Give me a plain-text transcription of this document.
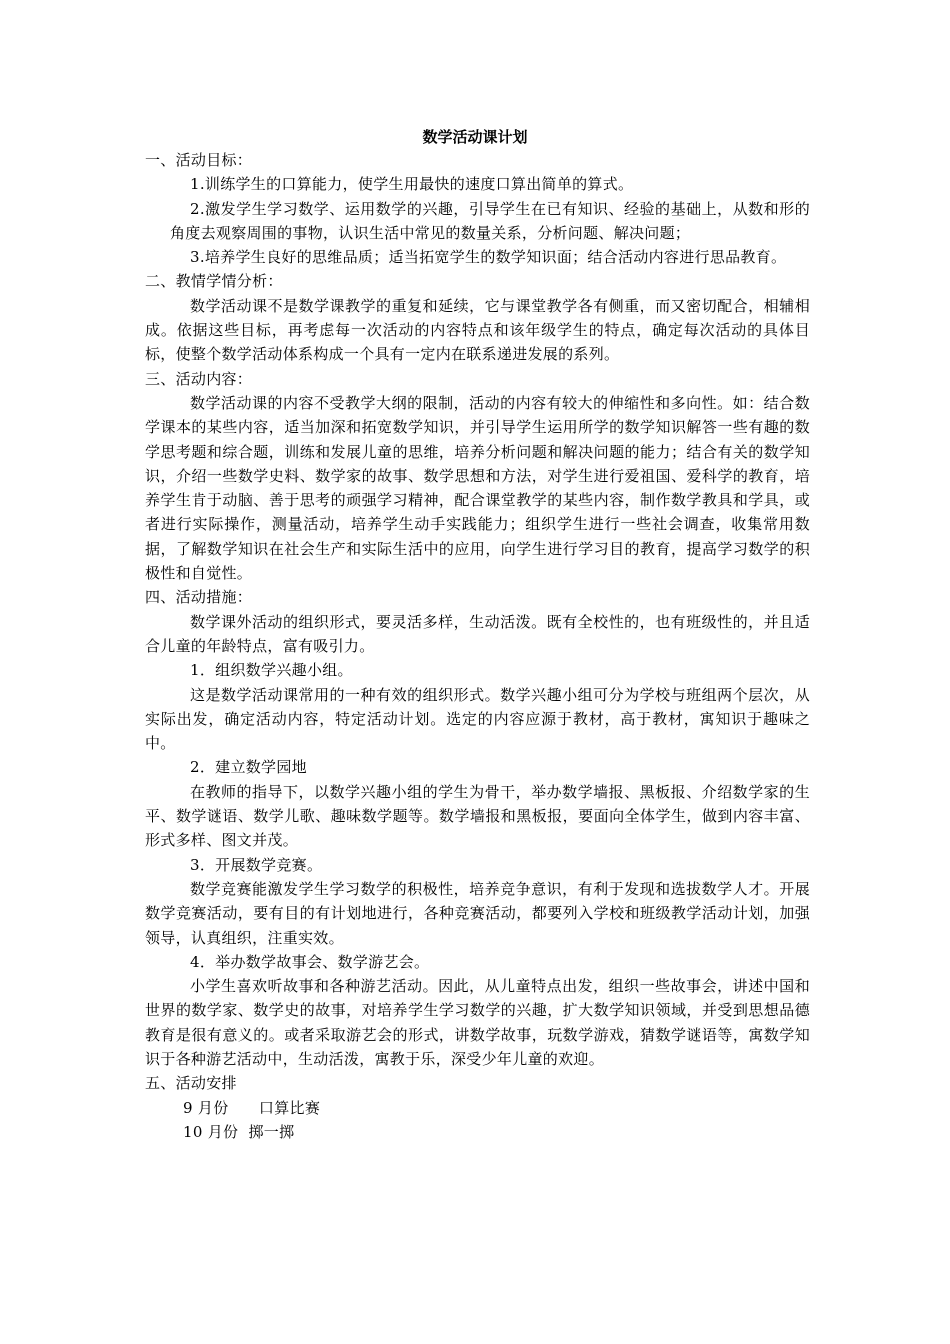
数学活动课计划

一、活动目标：

1.训练学生的口算能力，使学生用最快的速度口算出简单的算式。

2.激发学生学习数学、运用数学的兴趣，引导学生在已有知识、经验的基础上，从数和形的角度去观察周围的事物，认识生活中常见的数量关系，分析问题、解决问题；

3.培养学生良好的思维品质；适当拓宽学生的数学知识面；结合活动内容进行思品教育。

二、教情学情分析：

数学活动课不是数学课教学的重复和延续，它与课堂教学各有侧重，而又密切配合，相辅相成。依据这些目标，再考虑每一次活动的内容特点和该年级学生的特点，确定每次活动的具体目标，使整个数学活动体系构成一个具有一定内在联系递进发展的系列。

三、活动内容：

数学活动课的内容不受教学大纲的限制，活动的内容有较大的伸缩性和多向性。如：结合数学课本的某些内容，适当加深和拓宽数学知识，并引导学生运用所学的数学知识解答一些有趣的数学思考题和综合题，训练和发展儿童的思维，培养分析问题和解决问题的能力；结合有关的数学知识，介绍一些数学史料、数学家的故事、数学思想和方法，对学生进行爱祖国、爱科学的教育，培养学生肯于动脑、善于思考的顽强学习精神，配合课堂教学的某些内容，制作数学教具和学具，或者进行实际操作，测量活动，培养学生动手实践能力；组织学生进行一些社会调查，收集常用数据，了解数学知识在社会生产和实际生活中的应用，向学生进行学习目的教育，提高学习数学的积极性和自觉性。

四、活动措施：

数学课外活动的组织形式，要灵活多样，生动活泼。既有全校性的，也有班级性的，并且适合儿童的年龄特点，富有吸引力。

1．组织数学兴趣小组。

这是数学活动课常用的一种有效的组织形式。数学兴趣小组可分为学校与班组两个层次，从实际出发，确定活动内容，特定活动计划。选定的内容应源于教材，高于教材，寓知识于趣味之中。

2．建立数学园地

在教师的指导下，以数学兴趣小组的学生为骨干，举办数学墙报、黑板报、介绍数学家的生平、数学谜语、数学儿歌、趣味数学题等。数学墙报和黑板报，要面向全体学生，做到内容丰富、形式多样、图文并茂。

3．开展数学竞赛。

数学竞赛能激发学生学习数学的积极性，培养竞争意识，有利于发现和选拔数学人才。开展数学竞赛活动，要有目的有计划地进行，各种竞赛活动，都要列入学校和班级教学活动计划，加强领导，认真组织，注重实效。

4．举办数学故事会、数学游艺会。

小学生喜欢听故事和各种游艺活动。因此，从儿童特点出发，组织一些故事会，讲述中国和世界的数学家、数学史的故事，对培养学生学习数学的兴趣，扩大数学知识领域，并受到思想品德教育是很有意义的。或者采取游艺会的形式，讲数学故事，玩数学游戏，猜数学谜语等，寓数学知识于各种游艺活动中，生动活泼，寓教于乐，深受少年儿童的欢迎。

五、活动安排

9 月份      口算比赛

10 月份  掷一掷
